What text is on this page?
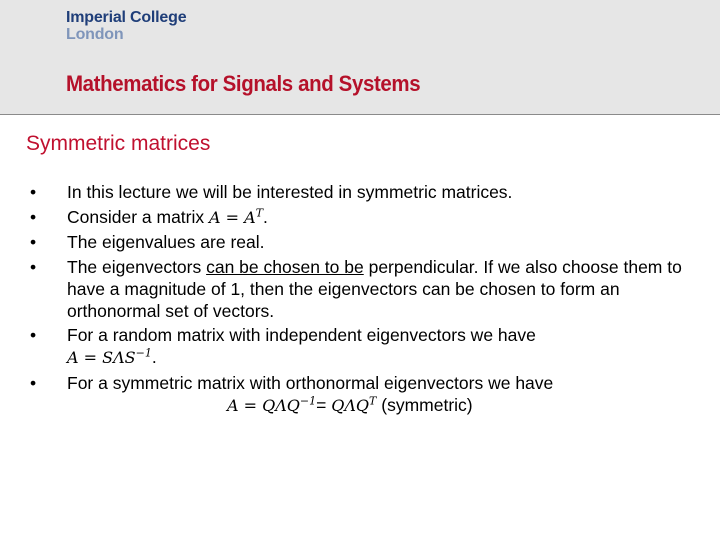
Imperial College
London
Mathematics for Signals and Systems
Symmetric matrices
• In this lecture we will be interested in symmetric matrices.
• Consider a matrix $A = A^T$.
• The eigenvalues are real.
• The eigenvectors can be chosen to be perpendicular. If we also choose them to have a magnitude of 1, then the eigenvectors can be chosen to form an orthonormal set of vectors.
• For a random matrix with independent eigenvectors we have
$A = S\Lambda S^{-1}$.
• For a symmetric matrix with orthonormal eigenvectors we have
$A = Q\Lambda Q^{-1}= Q\Lambda Q^T$ (symmetric)
